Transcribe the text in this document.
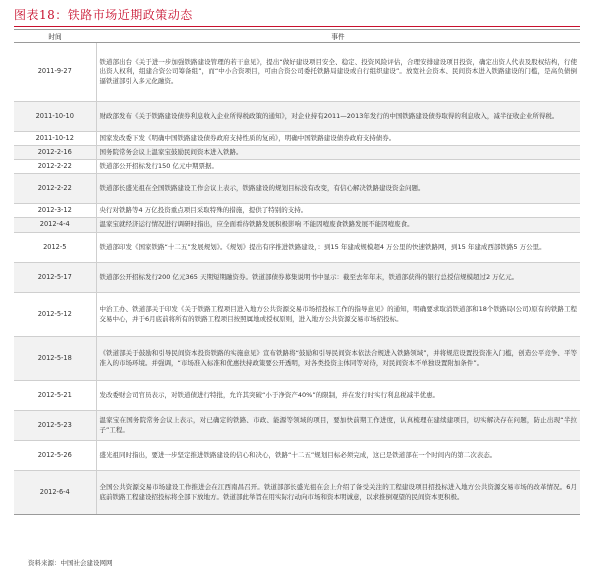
图表18：铁路市场近期政策动态
时间	事件
2011-9-27	铁道部出台《关于进一步加强铁路建设管理的若干意见》，提出“做好建设项目安全、稳定、投资风险评估，合理安排建设项目投资，确定出资人代表及股权结构，行使出资人权利，组建合资公司筹备组”，而“中小合资项目，可由合资公司委托铁路局建设或自行组织建设”。放宽社会资本、民间资本进入铁路建设的门槛，是高负债倒逼铁道部引入多元化融资。
2011-10-10	财政部发布《关于铁路建设债券利息收入企业所得税政策的通知》，对企业持有2011—2013年发行的中国铁路建设债券取得的利息收入，减半征收企业所得税。
2011-10-12	国家发改委下发《明确中国铁路建设债券政府支持性质的复函》，明确中国铁路建设债券政府支持债券。
2012-2-16	国务院常务会议上温家宝鼓励民间资本进入铁路。
2012-2-22	铁道部公开招标发行150 亿元中期票据。
2012-2-22	铁道部长盛光祖在全国铁路建设工作会议上表示，铁路建设的规划目标没有改变，有信心解决铁路建设资金问题。
2012-3-12	央行对铁路等4 万亿投资重点项目采取特殊的措施，提供了特别的支持。
2012-4-4	温家宝就经济运行情况进行调研时指出，应全面看待铁路发展积极影响 不能因噎废食铁路发展不能因噎废食。
2012-5	铁道部印发《国家铁路“十二五”发展规划》。《规划》提出有序推进铁路建设，：到15 年建成规模超4 万公里的快速铁路网，到15 年建成西部铁路5 万公里。
2012-5-17	铁道部公开招标发行200 亿元365 天期短期融资券。铁道部债券募集说明书中显示：截至去年年末，铁道部获得的银行总授信规模超过2 万亿元。
2012-5-12	中治工办、铁道部关于印发《关于铁路工程项目进入地方公共资源交易市场招投标工作的指导意见》的通知，明确要求取消铁道部和18个铁路局(公司)原有的铁路工程交易中心，并于6月底前将所有的铁路工程项目按照属地或授权原则，进入地方公共资源交易市场招投标。
2012-5-18	《铁道部关于鼓励和引导民间资本投资铁路的实施意见》宣布铁路将“鼓励和引导民间资本依法合规进入铁路领域”，并将规范设置投资准入门槛，创造公平竞争、平等准入的市场环境。并强调，“市场准入标准和优惠扶持政策要公开透明，对各类投资主体同等对待，对民间资本不单独设置附加条件”。
2012-5-21	发改委财会司官员表示，对铁道债进行特批，允许其突破“小于净资产40%”的限制，并在发行时实行利息税减半优惠。
2012-5-23	温家宝在国务院常务会议上表示，对已确定的铁路、市政、能源等领域的项目，要加快前期工作进度，认真梳理在建续建项目，切实解决存在问题，防止出现“半拉子”工程。
2012-5-26	盛光祖同时指出，要进一步坚定推进铁路建设的信心和决心，铁路“十二五”规划目标必须完成，这已是铁道部在一个时间内的第二次表态。
2012-6-4	全国公共资源交易市场建设工作推进会在江西南昌召开。铁道部部长盛光祖在会上介绍了备受关注的工程建设项目招投标进入地方公共资源交易市场的改革情况。6月底前铁路工程建设招投标将全部下放地方。铁道部此举旨在用实际行动向市场和资本明诚意，以求推倒观望的民间资本更积极。
资料来源：中国社会建设网网
